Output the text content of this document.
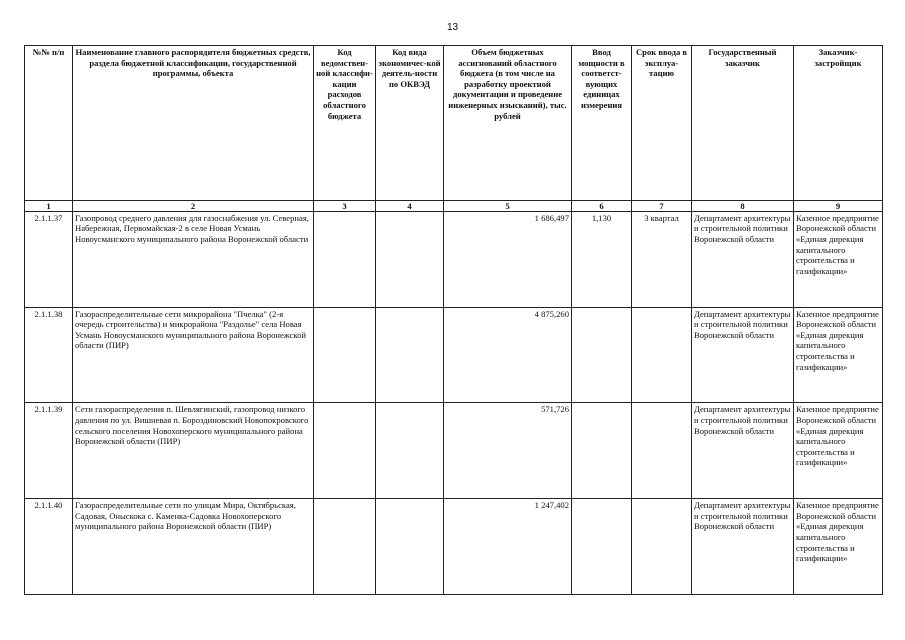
13
№№ п/п	Наименование главного распорядителя бюджетных средств, раздела бюджетной классификации, государственной программы, объекта	Код ведомствен-ной классифи-кации расходов областного бюджета	Код вида экономичес-кой деятель-ности по ОКВЭД	Объем бюджетных ассигнований областного бюджета (в том числе на разработку проектной документации и проведение инженерных изысканий), тыс. рублей	Ввод мощности в соответст-вующих единицах измерения	Срок ввода в эксплуа-тацию	Государственный заказчик	Заказчик-застройщик
1	2	3	4	5	6	7	8	9
2.1.1.37	Газопровод среднего давления для газоснабжения ул. Северная, Набережная, Первомайская-2 в селе Новая Усмань Новоусманского муниципального района Воронежской области			1 686,497	1,130	3 квартал	Департамент архитектуры и строительной политики Воронежской области	Казенное предприятие Воронежской области «Единая дирекция капитального строительства и газификации»
2.1.1.38	Газораспределительные сети микрорайона "Пчелка" (2-я очередь строительства) и микрорайона "Раздолье" села Новая Усмань Новоусманского муниципального района Воронежской области (ПИР)			4 875,260			Департамент архитектуры и строительной политики Воронежской области	Казенное предприятие Воронежской области «Единая дирекция капитального строительства и газификации»
2.1.1.39	Сети газораспределения п. Шевлягинский, газопровод низкого давления по ул. Вишневая п. Бороздиновский Новопокровского сельского поселения Новохоперского муниципального района Воронежской области (ПИР)			571,726			Департамент архитектуры и строительной политики Воронежской области	Казенное предприятие Воронежской области «Единая дирекция капитального строительства и газификации»
2.1.1.40	Газораспределительные сети по улицам Мира, Октябрьская, Садовая, Оныскока с. Каменка-Садовка Новохоперского муниципального района Воронежской области (ПИР)			1 247,402			Департамент архитектуры и строительной политики Воронежской области	Казенное предприятие Воронежской области «Единая дирекция капитального строительства и газификации»
